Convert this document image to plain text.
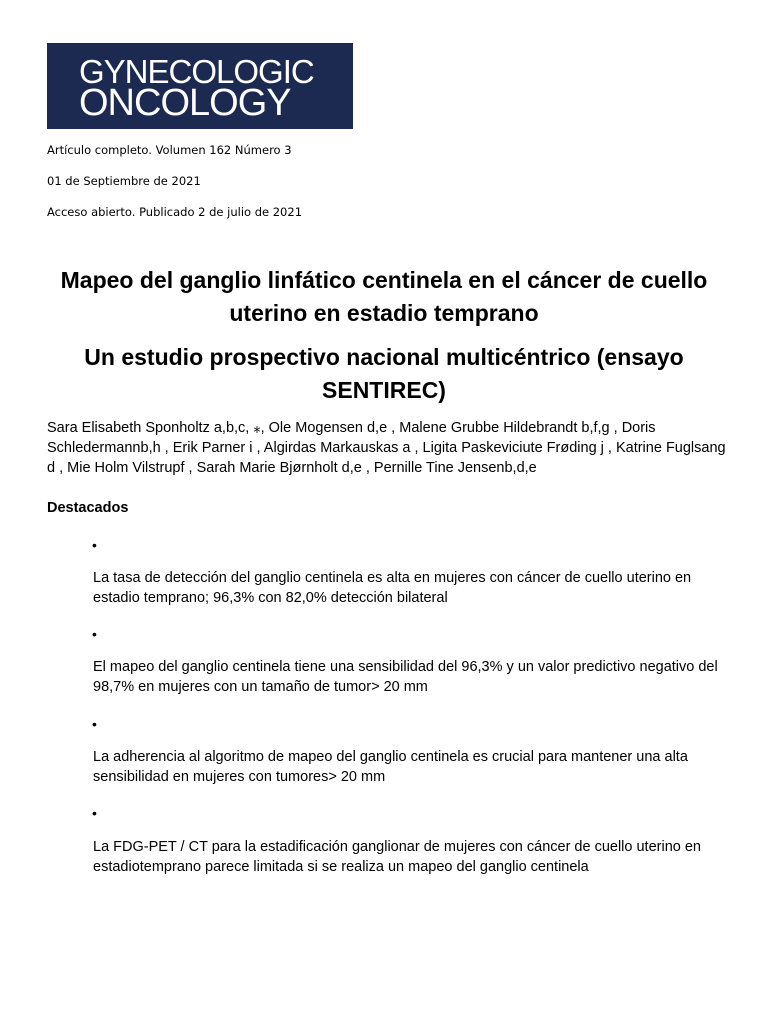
GYNECOLOGIC
ONCOLOGY
Artículo completo. Volumen 162 Número 3
01 de Septiembre de 2021
Acceso abierto. Publicado 2 de julio de 2021
Mapeo del ganglio linfático centinela en el cáncer de cuello uterino en estadio temprano
Un estudio prospectivo nacional multicéntrico (ensayo SENTIREC)
Sara Elisabeth Sponholtz a,b,c, ⁎, Ole Mogensen d,e , Malene Grubbe Hildebrandt b,f,g , Doris Schledermannb,h , Erik Parner i , Algirdas Markauskas a , Ligita Paskeviciute Frøding j , Katrine Fuglsang d , Mie Holm Vilstrupf , Sarah Marie Bjørnholt d,e , Pernille Tine Jensenb,d,e
Destacados
•
La tasa de detección del ganglio centinela es alta en mujeres con cáncer de cuello uterino en estadio temprano; 96,3% con 82,0% detección bilateral
•
El mapeo del ganglio centinela tiene una sensibilidad del 96,3% y un valor predictivo negativo del 98,7% en mujeres con un tamaño de tumor> 20 mm
•
La adherencia al algoritmo de mapeo del ganglio centinela es crucial para mantener una alta sensibilidad en mujeres con tumores> 20 mm
•
La FDG-PET / CT para la estadificación ganglionar de mujeres con cáncer de cuello uterino en estadiotemprano parece limitada si se realiza un mapeo del ganglio centinela
